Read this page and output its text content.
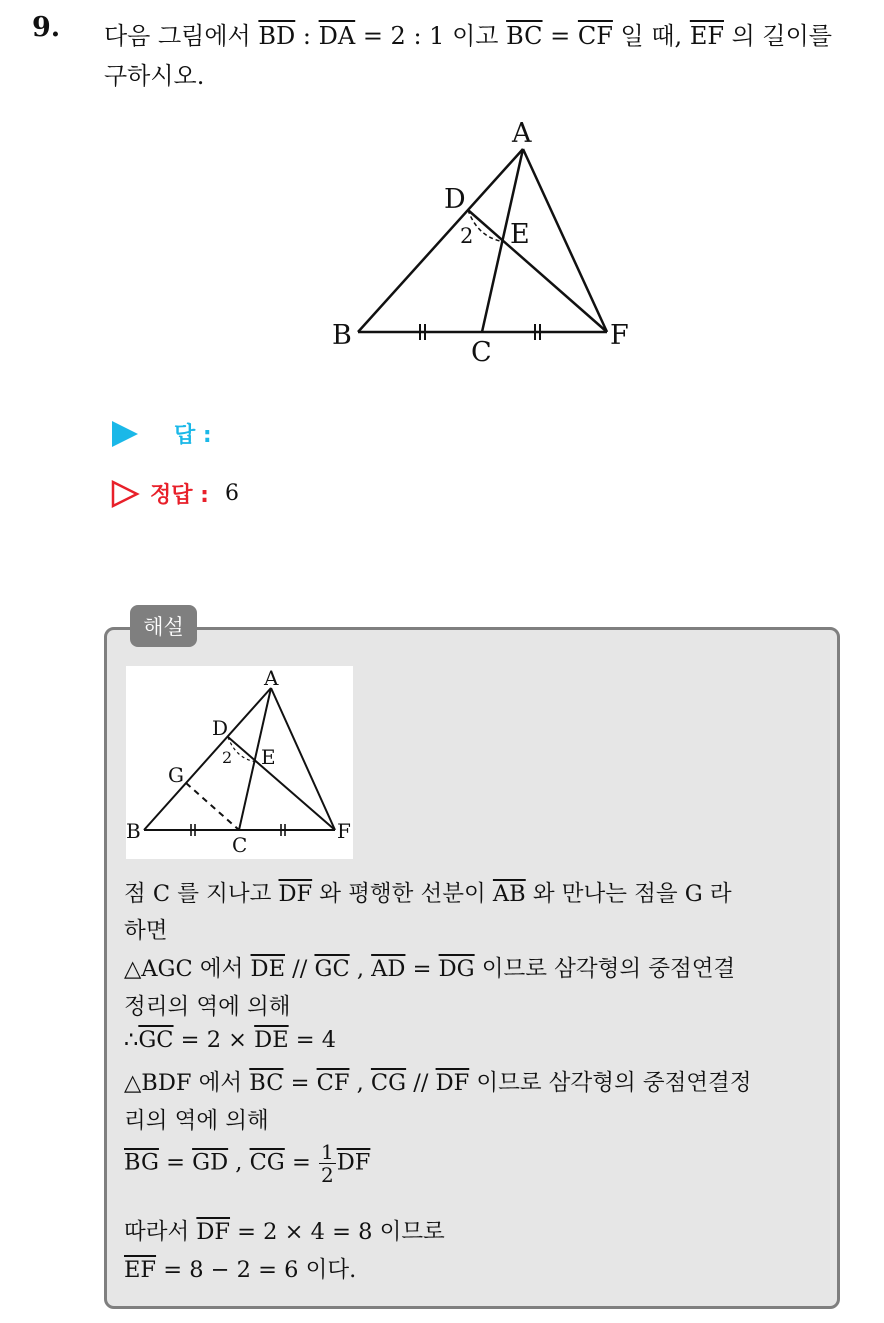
9. 다음 그림에서 $\overline{BD}$ : $\overline{DA} = 2$ : 1 이고 $\overline{BC} = \overline{CF}$ 일 때, $\overline{EF}$ 의 길이를
구하시오.
A
B
C
D
E
F
2
답 :
정답 : 6
해설
A
B
C
D
E
F
G
2
점 C 를 지나고 $\overline{DF}$ 와 평행한 선분이 $\overline{AB}$ 와 만나는 점을 G 라
하면
△AGC 에서 $\overline{DE} // \overline{GC}$ , $\overline{AD} = \overline{DG}$ 이므로 삼각형의 중점연결
정리의 역에 의해
$\therefore\overline{GC} = 2 \times \overline{DE} = 4$
△BDF 에서 $\overline{BC} = \overline{CF}$ , $\overline{CG} // \overline{DF}$ 이므로 삼각형의 중점연결정
리의 역에 의해
$\overline{BG} = \overline{GD}$ , $\overline{CG} = \frac{1}{2} \overline{DF}$
따라서 $\overline{DF} = 2 \times 4 = 8$ 이므로
$\overline{EF} = 8 - 2 = 6$ 이다.
